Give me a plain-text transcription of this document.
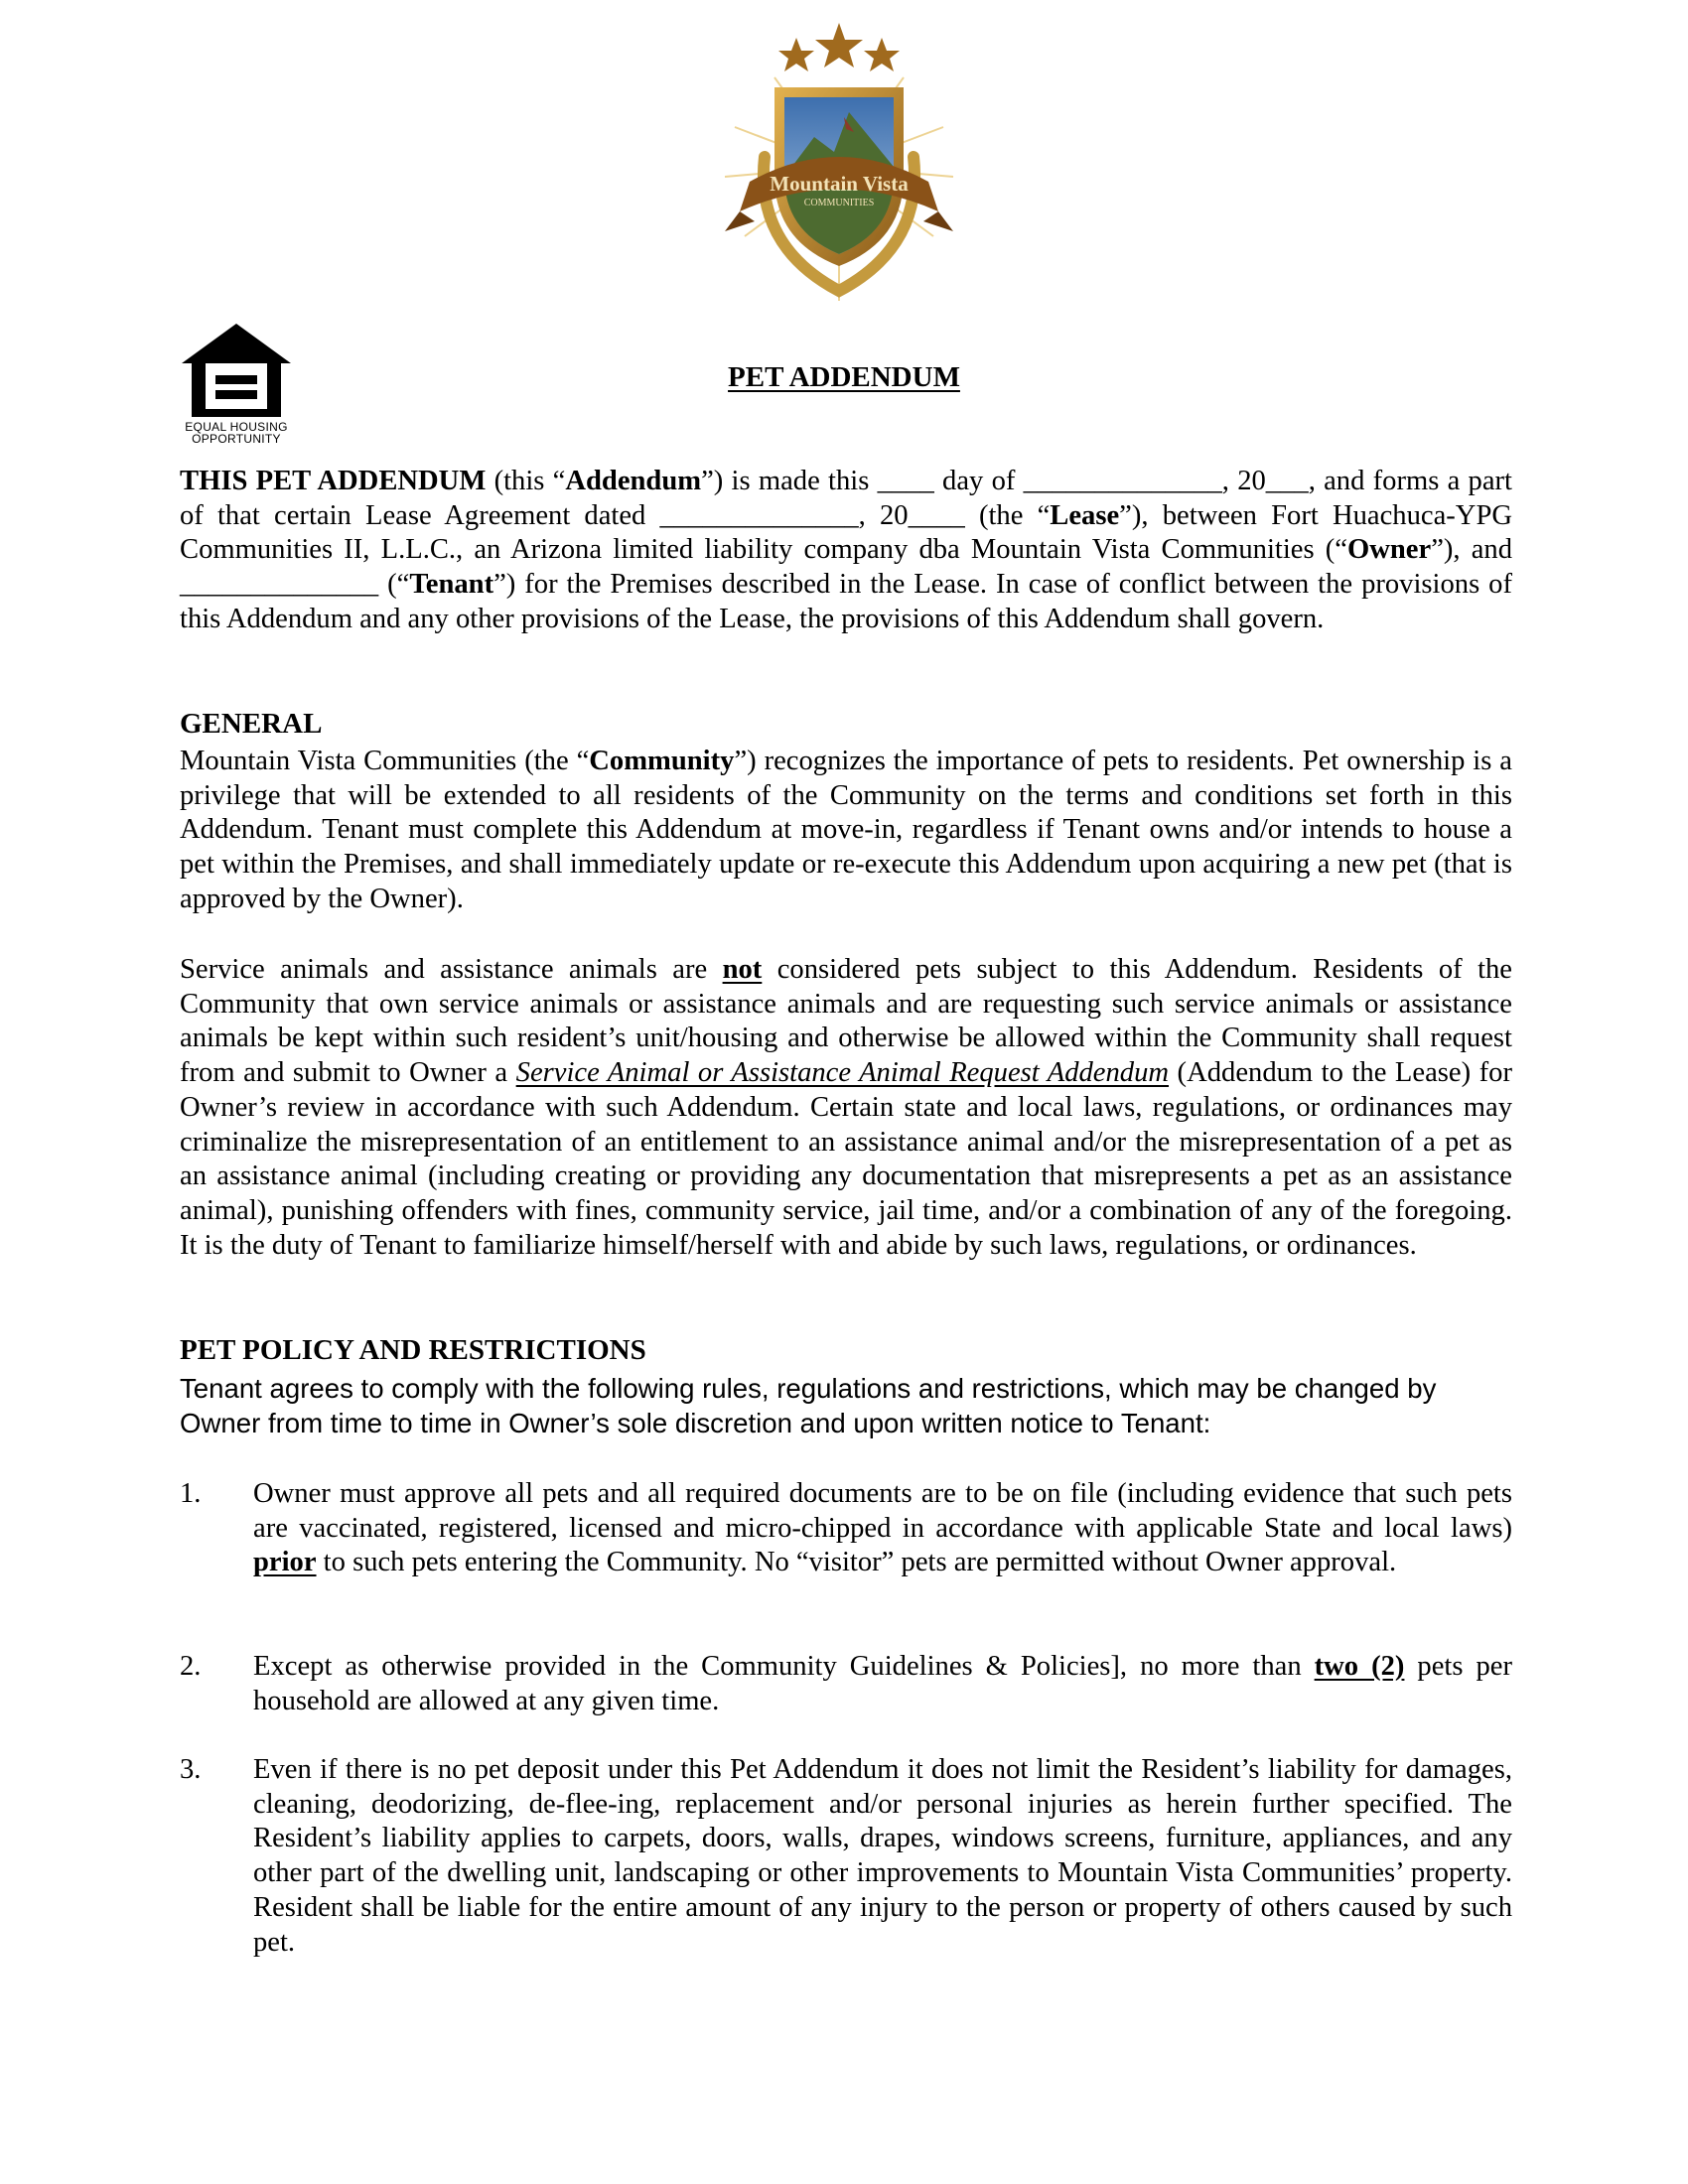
Mountain Vista
COMMUNITIES
EQUAL HOUSING
OPPORTUNITY
PET ADDENDUM

THIS PET ADDENDUM (this “Addendum”) is made this ____ day of ______________, 20___, and forms a part of that certain Lease Agreement dated ______________, 20____ (the “Lease”), between Fort Huachuca-YPG Communities II, L.L.C., an Arizona limited liability company dba Mountain Vista Communities (“Owner”), and ______________ (“Tenant”) for the Premises described in the Lease. In case of conflict between the provisions of this Addendum and any other provisions of the Lease, the provisions of this Addendum shall govern.

GENERAL

Mountain Vista Communities (the “Community”) recognizes the importance of pets to residents. Pet ownership is a privilege that will be extended to all residents of the Community on the terms and conditions set forth in this Addendum. Tenant must complete this Addendum at move-in, regardless if Tenant owns and/or intends to house a pet within the Premises, and shall immediately update or re-execute this Addendum upon acquiring a new pet (that is approved by the Owner).

Service animals and assistance animals are not considered pets subject to this Addendum. Residents of the Community that own service animals or assistance animals and are requesting such service animals or assistance animals be kept within such resident’s unit/housing and otherwise be allowed within the Community shall request from and submit to Owner a Service Animal or Assistance Animal Request Addendum (Addendum to the Lease) for Owner’s review in accordance with such Addendum. Certain state and local laws, regulations, or ordinances may criminalize the misrepresentation of an entitlement to an assistance animal and/or the misrepresentation of a pet as an assistance animal (including creating or providing any documentation that misrepresents a pet as an assistance animal), punishing offenders with fines, community service, jail time, and/or a combination of any of the foregoing. It is the duty of Tenant to familiarize himself/herself with and abide by such laws, regulations, or ordinances.

PET POLICY AND RESTRICTIONS

Tenant agrees to comply with the following rules, regulations and restrictions, which may be changed by Owner from time to time in Owner’s sole discretion and upon written notice to Tenant:

1.	Owner must approve all pets and all required documents are to be on file (including evidence that such pets are vaccinated, registered, licensed and micro-chipped in accordance with applicable State and local laws) prior to such pets entering the Community. No “visitor” pets are permitted without Owner approval.

2.	Except as otherwise provided in the Community Guidelines & Policies], no more than two (2) pets per household are allowed at any given time.

3.	Even if there is no pet deposit under this Pet Addendum it does not limit the Resident’s liability for damages, cleaning, deodorizing, de-flee-ing, replacement and/or personal injuries as herein further specified. The Resident’s liability applies to carpets, doors, walls, drapes, windows screens, furniture, appliances, and any other part of the dwelling unit, landscaping or other improvements to Mountain Vista Communities’ property. Resident shall be liable for the entire amount of any injury to the person or property of others caused by such pet.
